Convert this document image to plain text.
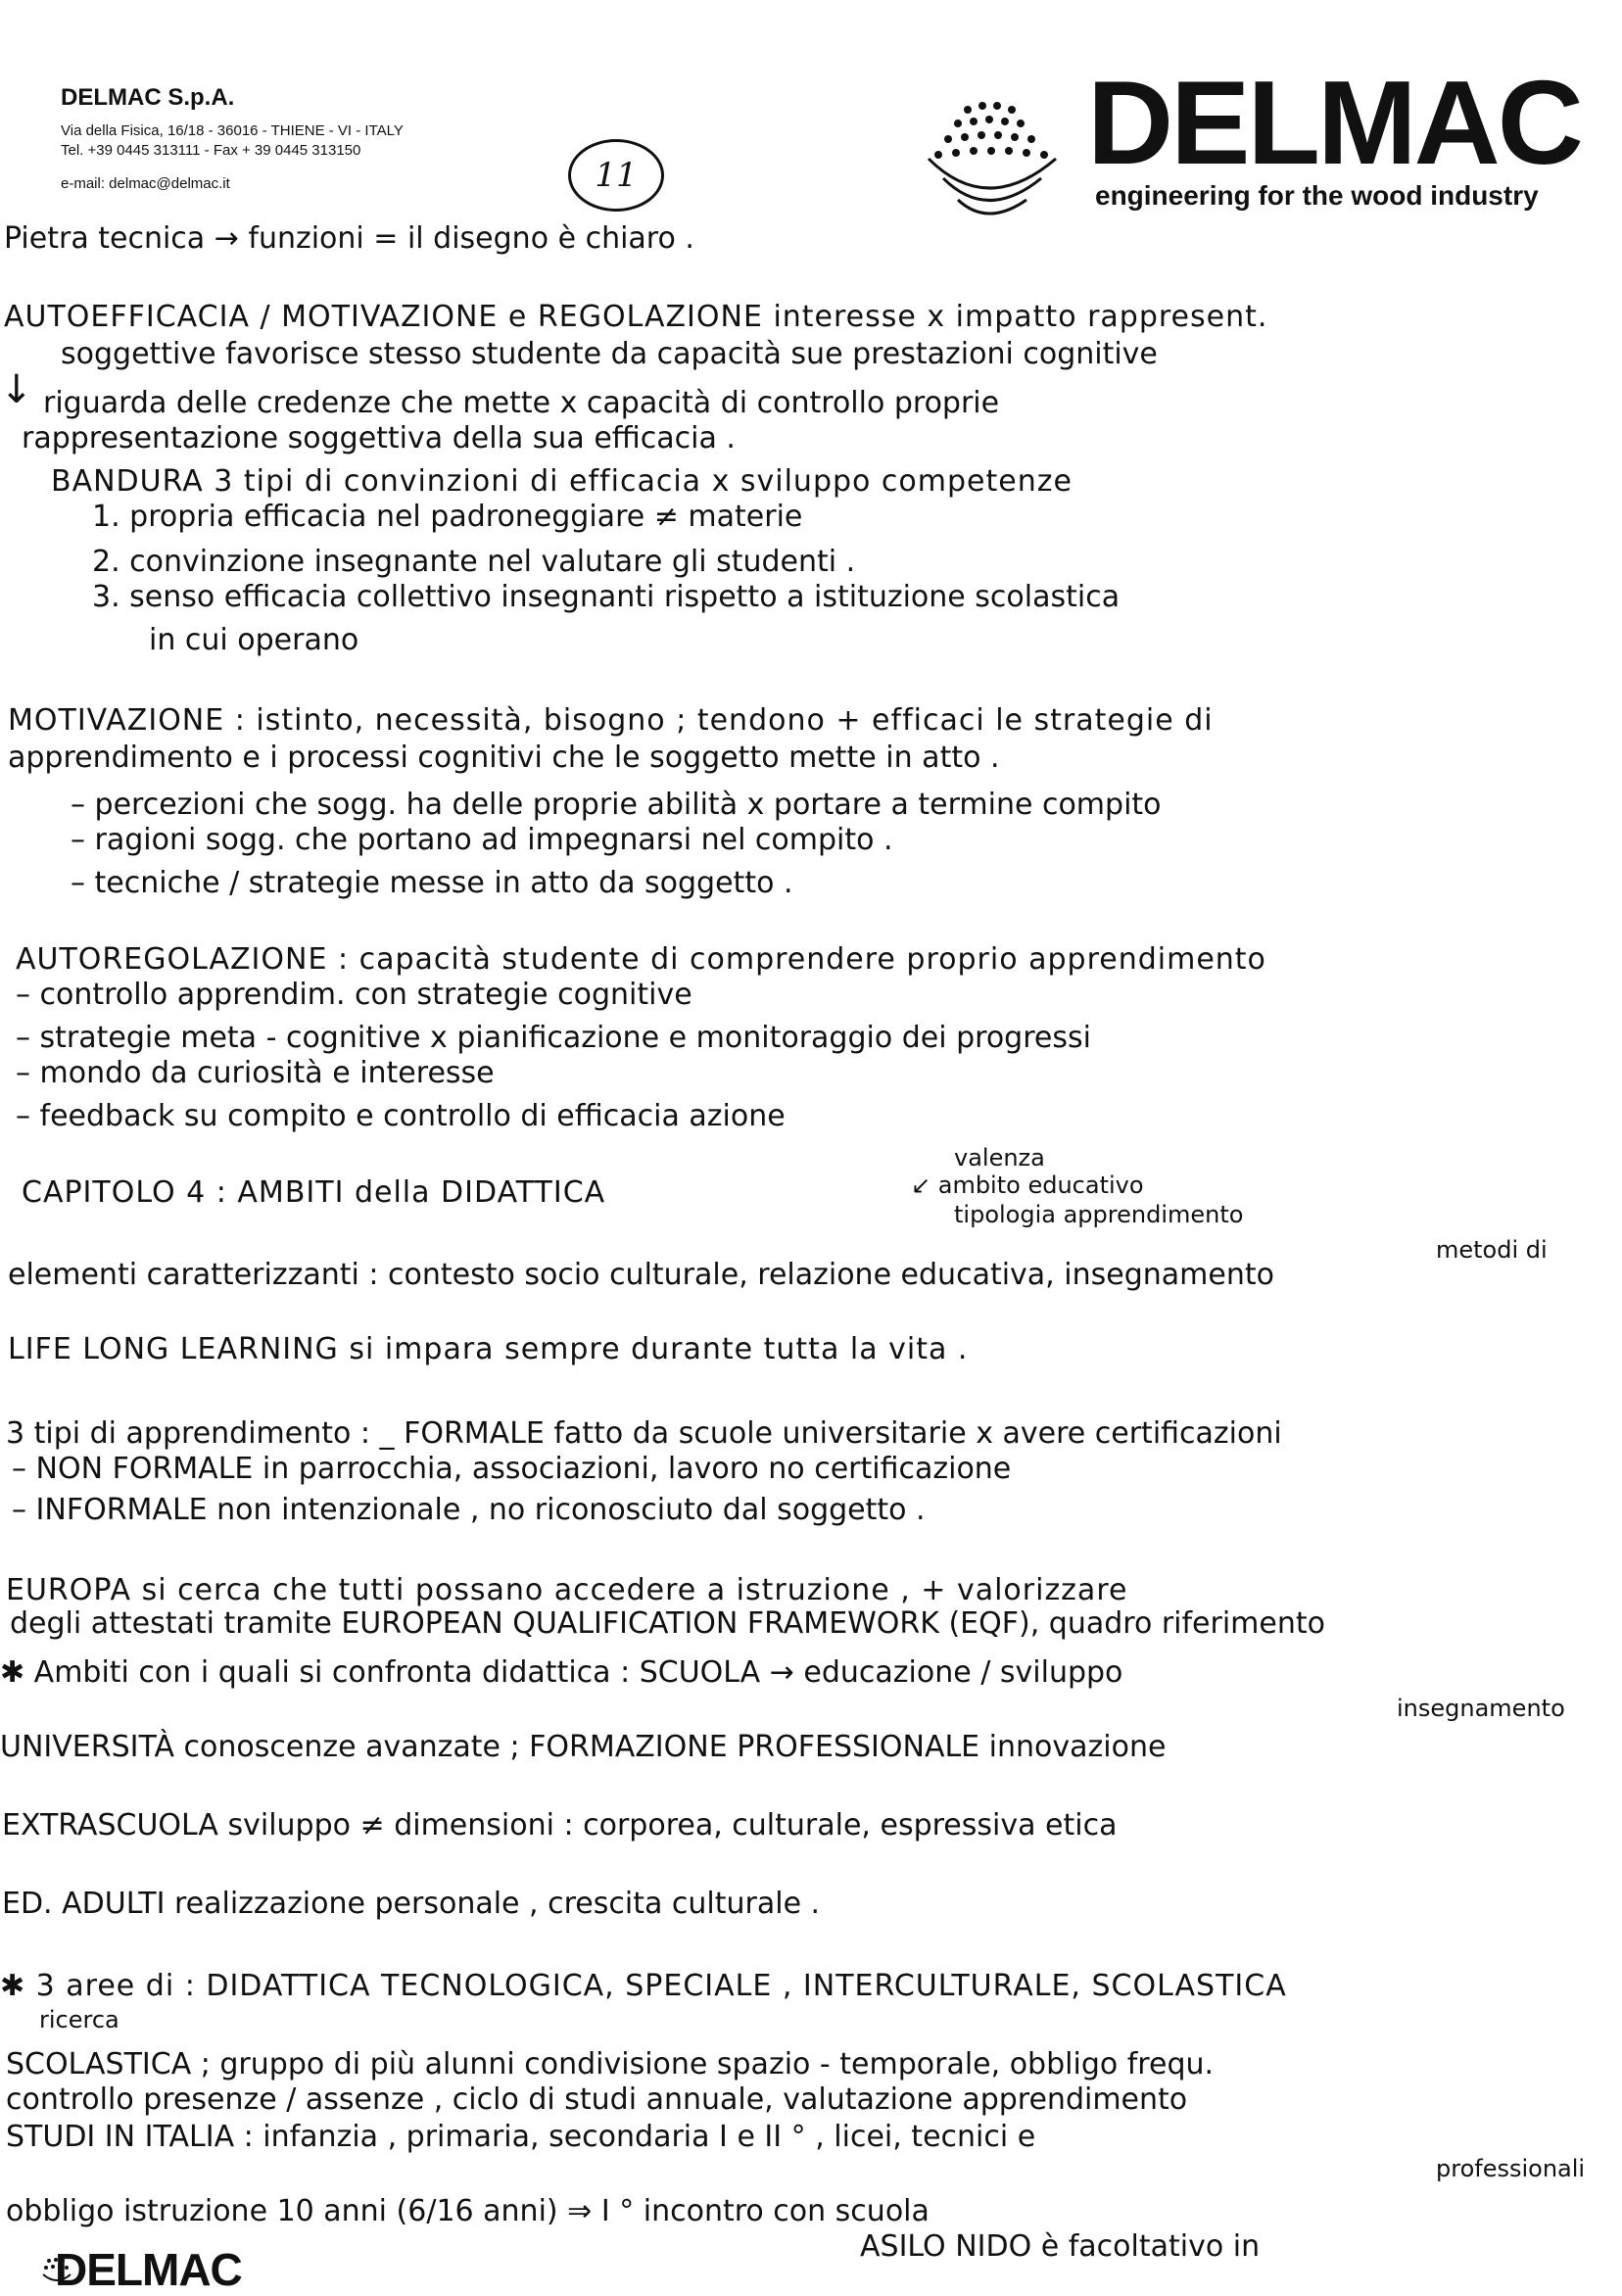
DELMAC S.p.A.

Via della Fisica, 16/18 - 36016 - THIENE - VI - ITALY

Tel. +39 0445 313111 - Fax + 39 0445 313150

e-mail: delmac@delmac.it	11	DELMAC
engineering for the wood industry

Pietra tecnica → funzioni = il disegno è chiaro .

AUTOEFFICACIA / MOTIVAZIONE e REGOLAZIONE interesse x impatto rappresent.

soggettive favorisce stesso studente da capacità sue prestazioni cognitive

↓ riguarda delle credenze che mette x capacità di controllo proprie

rappresentazione soggettiva della sua efficacia .

BANDURA 3 tipi di convinzioni di efficacia x sviluppo competenze

1. propria efficacia nel padroneggiare ≠ materie

2. convinzione insegnante nel valutare gli studenti .

3. senso efficacia collettivo insegnanti rispetto a istituzione scolastica

in cui operano

MOTIVAZIONE : istinto, necessità, bisogno ; tendono + efficaci le strategie di

apprendimento e i processi cognitivi che le soggetto mette in atto .

– percezioni che sogg. ha delle proprie abilità x portare a termine compito

– ragioni sogg. che portano ad impegnarsi nel compito .

– tecniche / strategie messe in atto da soggetto .

AUTOREGOLAZIONE : capacità studente di comprendere proprio apprendimento

– controllo apprendim. con strategie cognitive

– strategie meta - cognitive x pianificazione e monitoraggio dei progressi

– mondo da curiosità e interesse

– feedback su compito e controllo di efficacia azione

CAPITOLO 4 : AMBITI della DIDATTICA

valenza

↙ ambito educativo

tipologia apprendimento

metodi di

elementi caratterizzanti : contesto socio culturale, relazione educativa, insegnamento

LIFE LONG LEARNING si impara sempre durante tutta la vita .

3 tipi di apprendimento : _ FORMALE fatto da scuole universitarie x avere certificazioni

– NON FORMALE in parrocchia, associazioni, lavoro no certificazione

– INFORMALE non intenzionale , no riconosciuto dal soggetto .

EUROPA si cerca che tutti possano accedere a istruzione , + valorizzare

degli attestati tramite EUROPEAN QUALIFICATION FRAMEWORK (EQF), quadro riferimento

✱ Ambiti con i quali si confronta didattica : SCUOLA → educazione / sviluppo

insegnamento

UNIVERSITÀ conoscenze avanzate ; FORMAZIONE PROFESSIONALE innovazione

EXTRASCUOLA sviluppo ≠ dimensioni : corporea, culturale, espressiva etica

ED. ADULTI realizzazione personale , crescita culturale .

✱ 3 aree di : DIDATTICA TECNOLOGICA, SPECIALE , INTERCULTURALE, SCOLASTICA

ricerca

SCOLASTICA ; gruppo di più alunni condivisione spazio - temporale, obbligo frequ.

controllo presenze / assenze , ciclo di studi annuale, valutazione apprendimento

STUDI IN ITALIA : infanzia , primaria, secondaria I e II ° , licei, tecnici e

professionali

obbligo istruzione 10 anni (6/16 anni) ⇒ I ° incontro con scuola

ASILO NIDO è facoltativo in

DELMAC
